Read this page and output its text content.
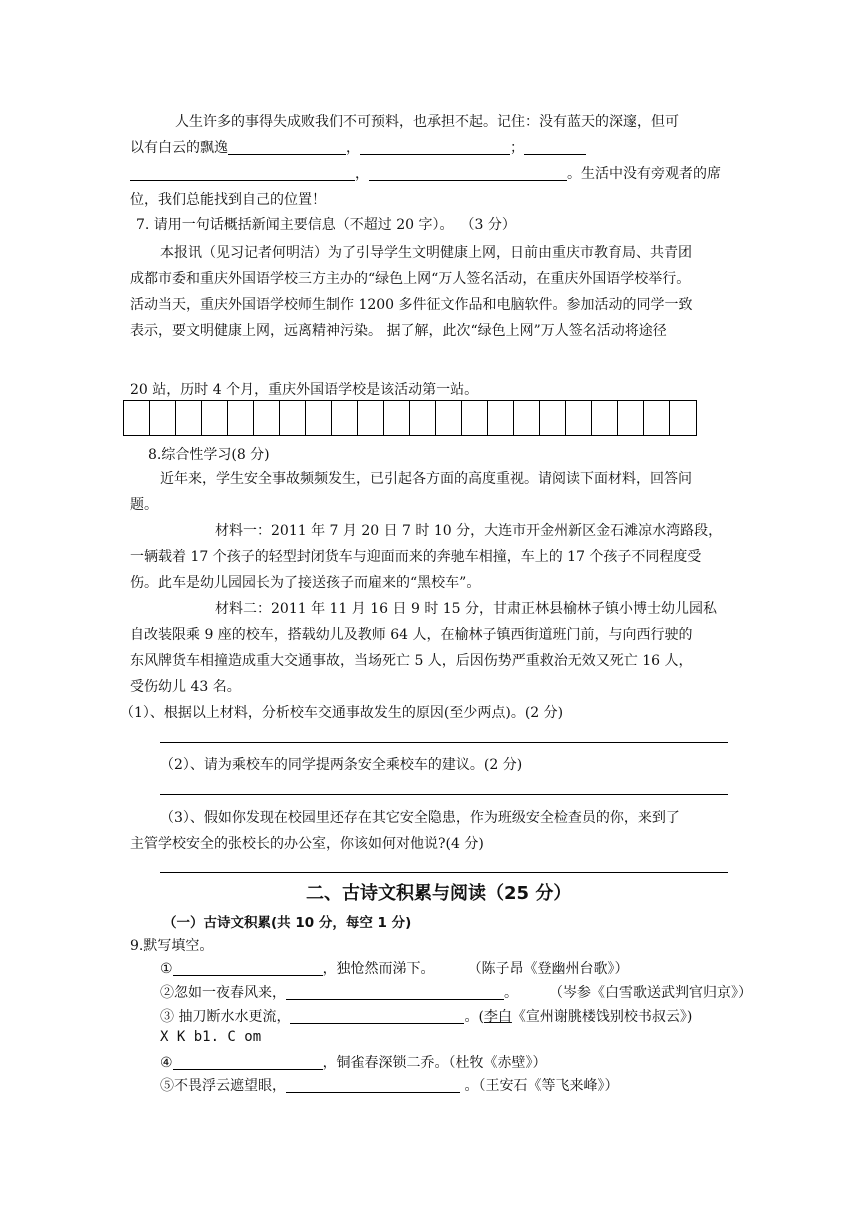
人生许多的事得失成败我们不可预料，也承担不起。记住：没有蓝天的深邃，但可
以有白云的飘逸	，	；
，	。生活中没有旁观者的席
位，我们总能找到自己的位置！
7. 请用一句话概括新闻主要信息（不超过 20 字）。 （3 分）
本报讯（见习记者何明洁）为了引导学生文明健康上网，日前由重庆市教育局、共青团
成都市委和重庆外国语学校三方主办的“绿色上网“万人签名活动，在重庆外国语学校举行。
活动当天，重庆外国语学校师生制作 1200 多件征文作品和电脑软件。参加活动的同学一致
表示，要文明健康上网，远离精神污染。 据了解，此次“绿色上网”万人签名活动将途径
20 站，历时 4 个月，重庆外国语学校是该活动第一站。
8.综合性学习(8 分)
近年来，学生安全事故频频发生，已引起各方面的高度重视。请阅读下面材料，回答问
题。
材料一：2011 年 7 月 20 日 7 时 10 分，大连市开金州新区金石滩凉水湾路段，
一辆载着 17 个孩子的轻型封闭货车与迎面而来的奔驰车相撞，车上的 17 个孩子不同程度受
伤。此车是幼儿园园长为了接送孩子而雇来的“黑校车”。
材料二：2011 年 11 月 16 日 9 时 15 分，甘肃正林县榆林子镇小博士幼儿园私
自改装限乘 9 座的校车，搭载幼儿及教师 64 人，在榆林子镇西街道班门前，与向西行驶的
东风牌货车相撞造成重大交通事故，当场死亡 5 人，后因伤势严重救治无效又死亡 16 人，
受伤幼儿 43 名。
（1）、根据以上材料，分析校车交通事故发生的原因(至少两点)。(2 分)
（2）、请为乘校车的同学提两条安全乘校车的建议。(2 分)
（3）、假如你发现在校园里还存在其它安全隐患，作为班级安全检查员的你，来到了
主管学校安全的张校长的办公室，你该如何对他说?(4 分)
二、古诗文积累与阅读（25 分）
（一）古诗文积累(共 10 分，每空 1 分)
9.默写填空。
①	，独怆然而涕下。	（陈子昂《登幽州台歌》）
②忽如一夜春风来，	。	（岑参《白雪歌送武判官归京》）
③ 抽刀断水水更流，	。(李白《宣州谢朓楼饯别校书叔云》)
X K b1. C om
④	，铜雀春深锁二乔。（杜牧《赤壁》）
⑤不畏浮云遮望眼，	。（王安石《等飞来峰》）
